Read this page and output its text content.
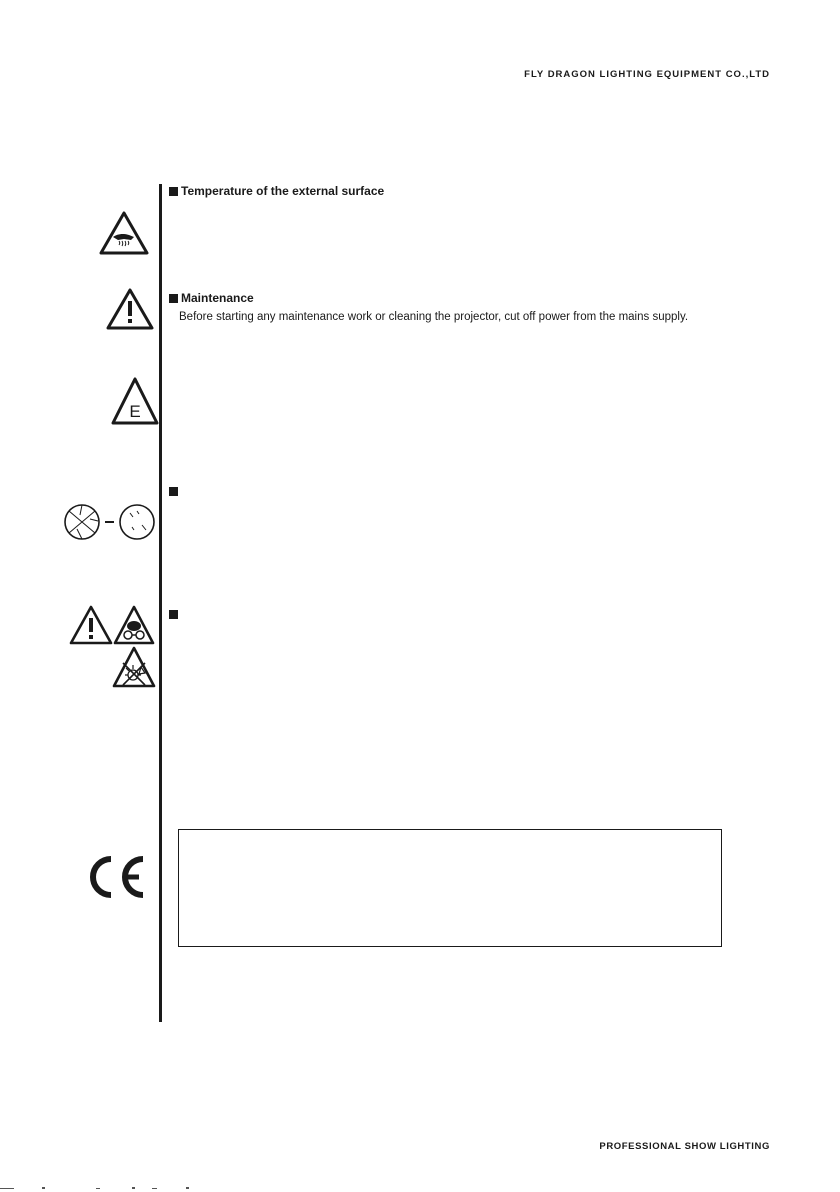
FLY DRAGON LIGHTING EQUIPMENT CO.,LTD
PROFESSIONAL SHOW LIGHTING
Temperature of the external surface
Maintenance
Before starting any maintenance work or cleaning the projector, cut off power from the mains supply.
E
